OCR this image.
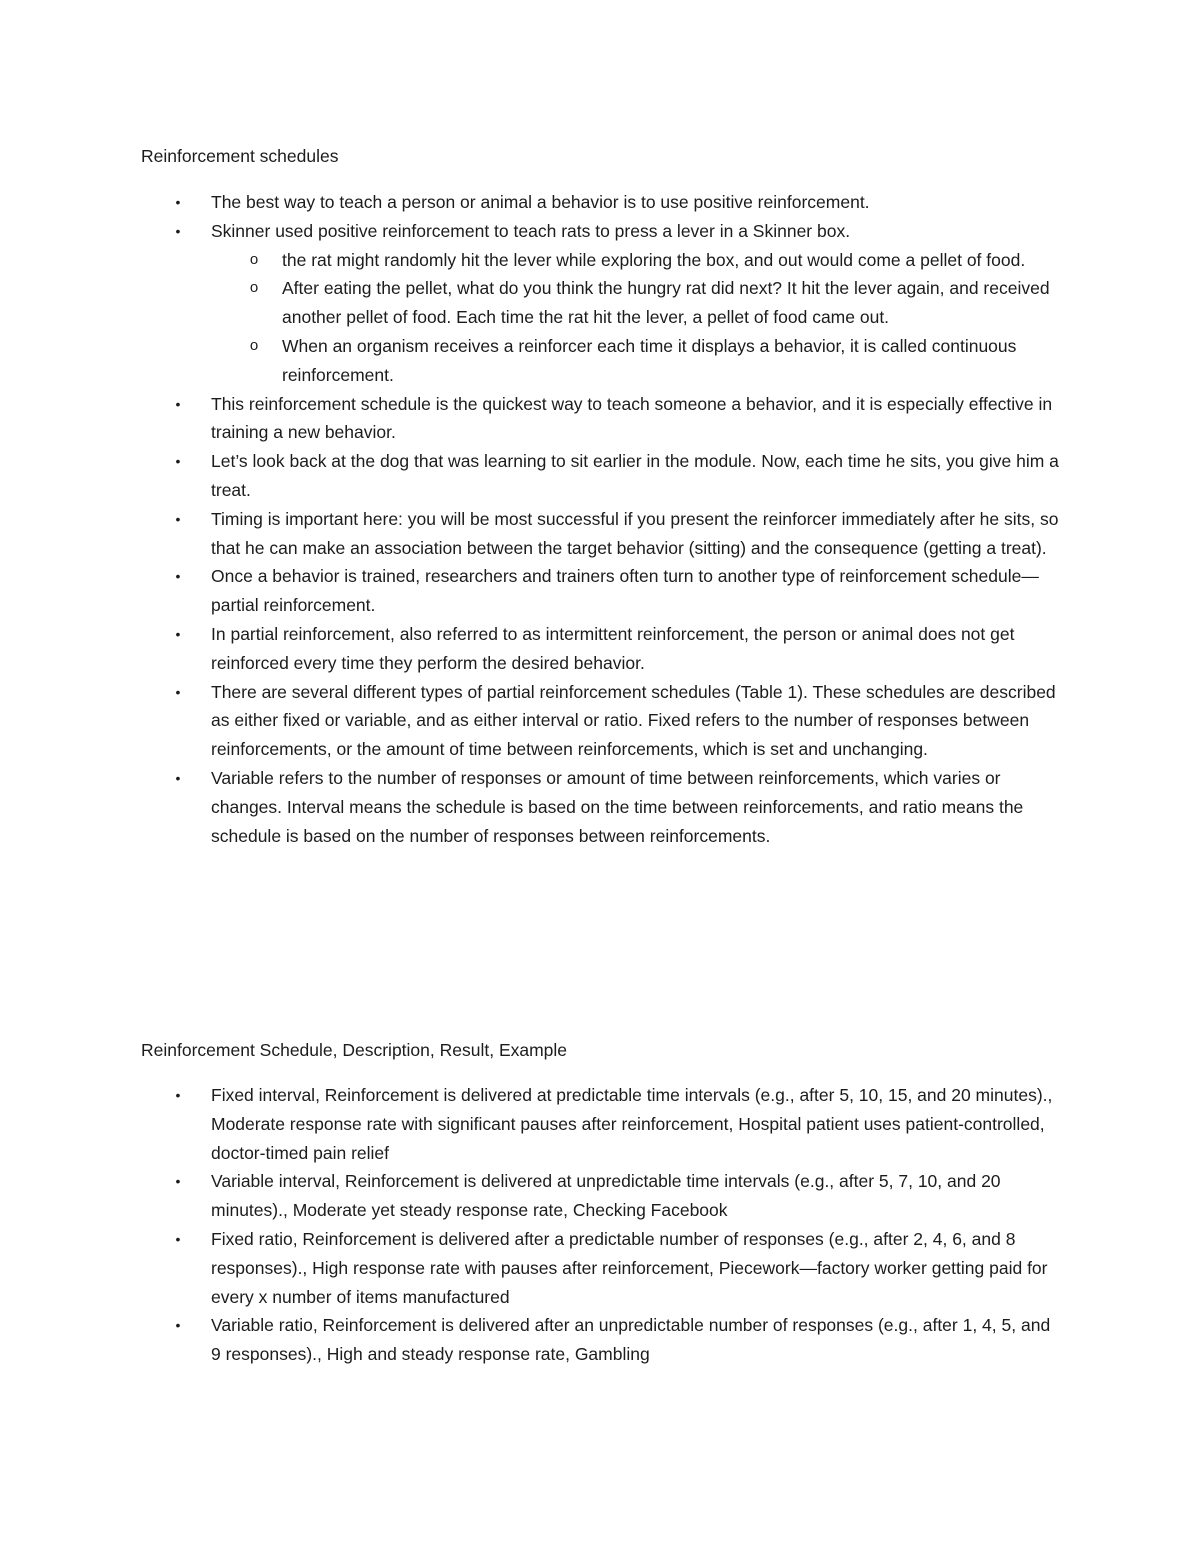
Reinforcement schedules
• The best way to teach a person or animal a behavior is to use positive reinforcement.
• Skinner used positive reinforcement to teach rats to press a lever in a Skinner box.
o the rat might randomly hit the lever while exploring the box, and out would come a pellet of food.
o After eating the pellet, what do you think the hungry rat did next? It hit the lever again, and received another pellet of food. Each time the rat hit the lever, a pellet of food came out.
o When an organism receives a reinforcer each time it displays a behavior, it is called continuous reinforcement.
• This reinforcement schedule is the quickest way to teach someone a behavior, and it is especially effective in training a new behavior.
• Let’s look back at the dog that was learning to sit earlier in the module. Now, each time he sits, you give him a treat.
• Timing is important here: you will be most successful if you present the reinforcer immediately after he sits, so that he can make an association between the target behavior (sitting) and the consequence (getting a treat).
• Once a behavior is trained, researchers and trainers often turn to another type of reinforcement schedule—partial reinforcement.
• In partial reinforcement, also referred to as intermittent reinforcement, the person or animal does not get reinforced every time they perform the desired behavior.
• There are several different types of partial reinforcement schedules (Table 1). These schedules are described as either fixed or variable, and as either interval or ratio. Fixed refers to the number of responses between reinforcements, or the amount of time between reinforcements, which is set and unchanging.
• Variable refers to the number of responses or amount of time between reinforcements, which varies or changes. Interval means the schedule is based on the time between reinforcements, and ratio means the schedule is based on the number of responses between reinforcements.
Reinforcement Schedule, Description, Result, Example
• Fixed interval, Reinforcement is delivered at predictable time intervals (e.g., after 5, 10, 15, and 20 minutes)., Moderate response rate with significant pauses after reinforcement, Hospital patient uses patient-controlled, doctor-timed pain relief
• Variable interval, Reinforcement is delivered at unpredictable time intervals (e.g., after 5, 7, 10, and 20 minutes)., Moderate yet steady response rate, Checking Facebook
• Fixed ratio, Reinforcement is delivered after a predictable number of responses (e.g., after 2, 4, 6, and 8 responses)., High response rate with pauses after reinforcement, Piecework—factory worker getting paid for every x number of items manufactured
• Variable ratio, Reinforcement is delivered after an unpredictable number of responses (e.g., after 1, 4, 5, and 9 responses)., High and steady response rate, Gambling
